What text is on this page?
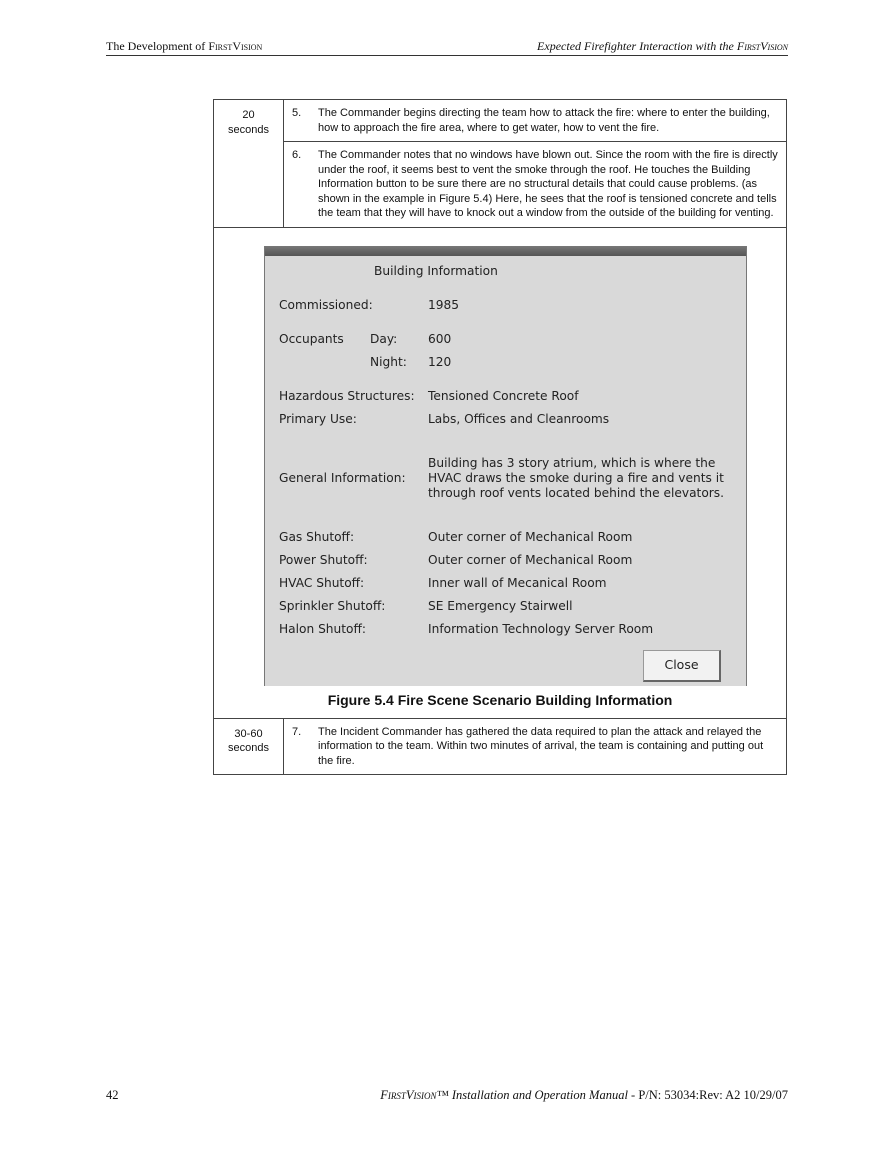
The Development of FirstVision	Expected Firefighter Interaction with the FirstVision
20 seconds
5.	The Commander begins directing the team how to attack the fire: where to enter the building, how to approach the fire area, where to get water, how to vent the fire.
6.	The Commander notes that no windows have blown out. Since the room with the fire is directly under the roof, it seems best to vent the smoke through the roof. He touches the Building Information button to be sure there are no structural details that could cause problems. (as shown in the example in Figure 5.4) Here, he sees that the roof is tensioned concrete and tells the team that they will have to knock out a window from the outside of the building for venting.
Building Information
Commissioned:	1985
Occupants Day:	600
Night: 120
Hazardous Structures: Tensioned Concrete Roof
Primary Use:	Labs, Offices and Cleanrooms
General Information:
Building has 3 story atrium, which is where the
HVAC draws the smoke during a fire and vents it
through roof vents located behind the elevators.
Gas Shutoff:	Outer corner of Mechanical Room
Power Shutoff:	Outer corner of Mechanical Room
HVAC Shutoff:	Inner wall of Mecanical Room
Sprinkler Shutoff:	SE Emergency Stairwell
Halon Shutoff:	Information Technology Server Room
Close
Figure 5.4 Fire Scene Scenario Building Information
30-60 seconds
7.	The Incident Commander has gathered the data required to plan the attack and relayed the information to the team. Within two minutes of arrival, the team is containing and putting out the fire.
42	FirstVision™ Installation and Operation Manual - P/N: 53034:Rev: A2 10/29/07
